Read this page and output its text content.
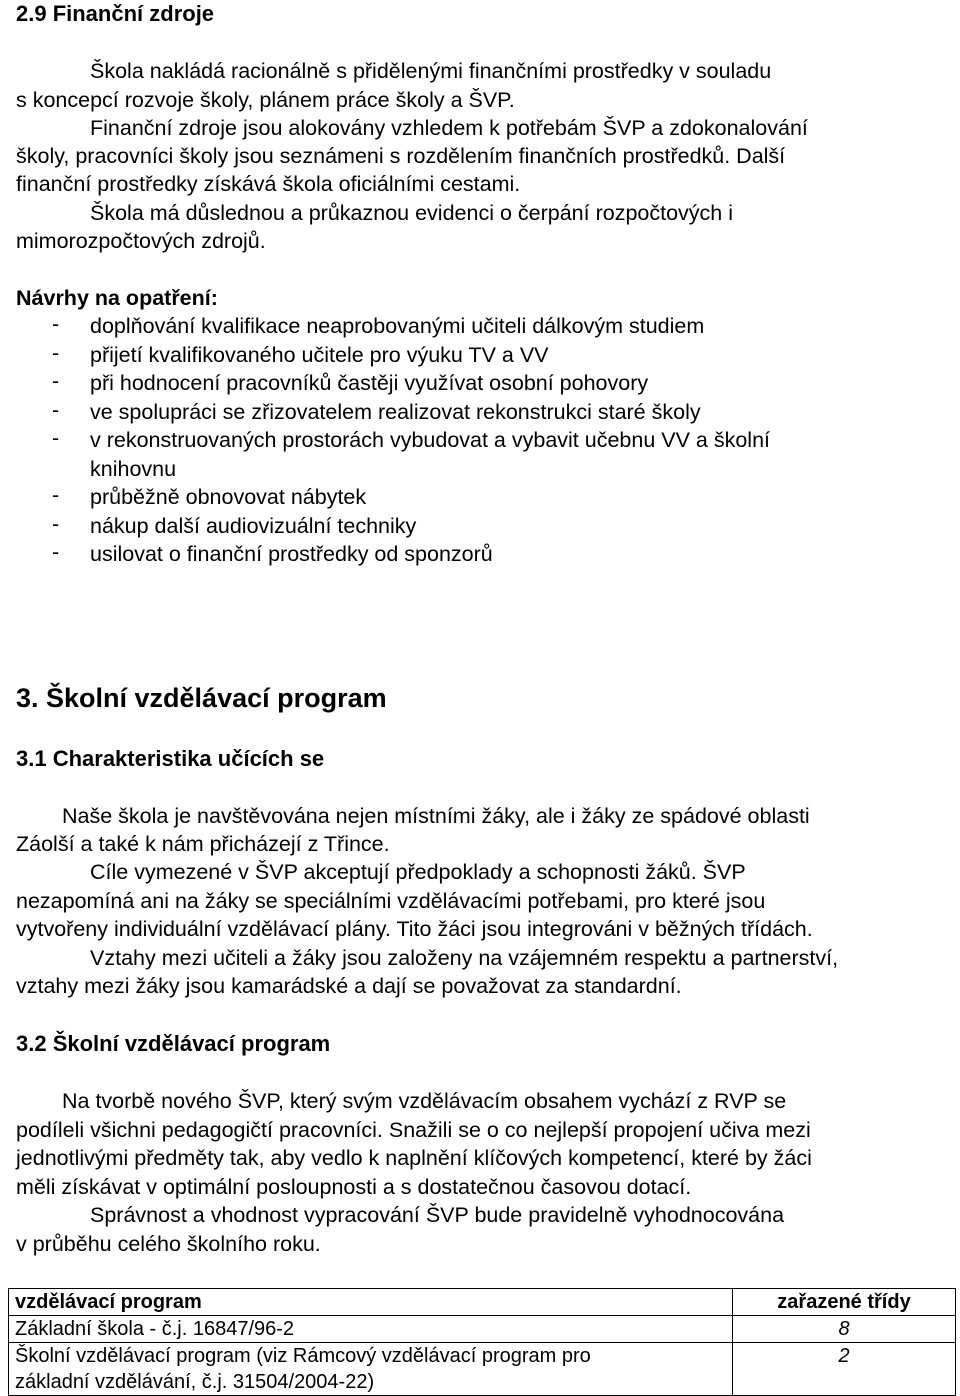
2.9 Finanční zdroje
Škola nakládá racionálně s přidělenými finančními prostředky v souladu
s koncepcí rozvoje školy, plánem práce školy a ŠVP.
Finanční zdroje jsou alokovány vzhledem k potřebám ŠVP a zdokonalování
školy, pracovníci školy jsou seznámeni s rozdělením finančních prostředků. Další
finanční prostředky získává škola oficiálními cestami.
Škola má důslednou a průkaznou evidenci o čerpání rozpočtových i
mimorozpočtových zdrojů.
Návrhy na opatření:
- doplňování kvalifikace neaprobovanými učiteli dálkovým studiem
- přijetí kvalifikovaného učitele pro výuku TV a VV
- při hodnocení pracovníků častěji využívat osobní pohovory
- ve spolupráci se zřizovatelem realizovat rekonstrukci staré školy
- v rekonstruovaných prostorách vybudovat a vybavit učebnu VV a školní
knihovnu
- průběžně obnovovat nábytek
- nákup další audiovizuální techniky
- usilovat o finanční prostředky od sponzorů
3. Školní vzdělávací program
3.1 Charakteristika učících se
Naše škola je navštěvována nejen místními žáky, ale i žáky ze spádové oblasti
Záolší a také k nám přicházejí z Třince.
Cíle vymezené v ŠVP akceptují předpoklady a schopnosti žáků. ŠVP
nezapomíná ani na žáky se speciálními vzdělávacími potřebami, pro které jsou
vytvořeny individuální vzdělávací plány. Tito žáci jsou integrováni v běžných třídách.
Vztahy mezi učiteli a žáky jsou založeny na vzájemném respektu a partnerství,
vztahy mezi žáky jsou kamarádské a dají se považovat za standardní.
3.2 Školní vzdělávací program
Na tvorbě nového ŠVP, který svým vzdělávacím obsahem vychází z RVP se
podíleli všichni pedagogičtí pracovníci. Snažili se o co nejlepší propojení učiva mezi
jednotlivými předměty tak, aby vedlo k naplnění klíčových kompetencí, které by žáci
měli získávat v optimální posloupnosti a s dostatečnou časovou dotací.
Správnost a vhodnost vypracování ŠVP bude pravidelně vyhodnocována
v průběhu celého školního roku.
vzdělávací program	zařazené třídy
Základní škola - č.j. 16847/96-2	8

Školní vzdělávací program (viz Rámcový vzdělávací program pro
základní vzdělávání, č.j. 31504/2004-22)	2
